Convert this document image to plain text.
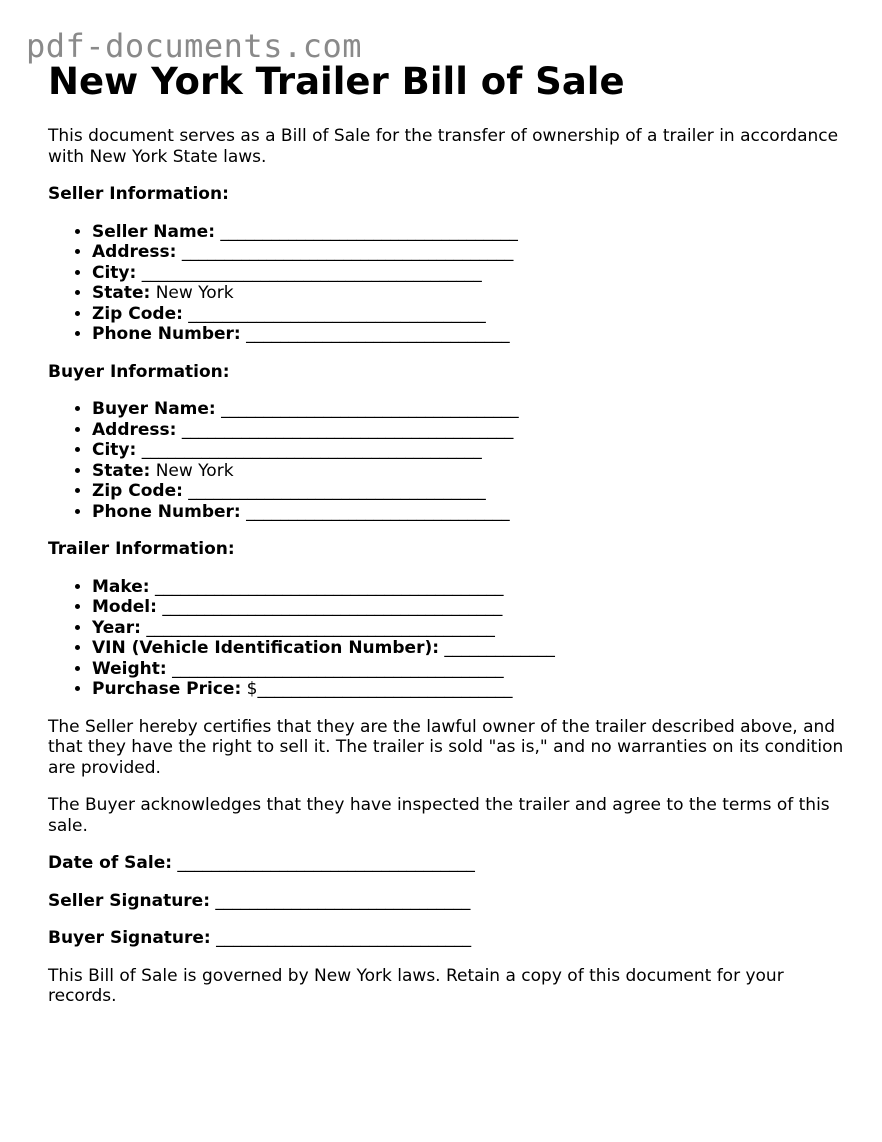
pdf-documents.com
New York Trailer Bill of Sale

This document serves as a Bill of Sale for the transfer of ownership of a trailer in accordance with New York State laws.

Seller Information:

• Seller Name: ___________________________________
• Address: _______________________________________
• City: ________________________________________
• State: New York
• Zip Code: ___________________________________
• Phone Number: _______________________________

Buyer Information:

• Buyer Name: ___________________________________
• Address: _______________________________________
• City: ________________________________________
• State: New York
• Zip Code: ___________________________________
• Phone Number: _______________________________

Trailer Information:

• Make: _________________________________________
• Model: ________________________________________
• Year: _________________________________________
• VIN (Vehicle Identification Number): _____________
• Weight: _______________________________________
• Purchase Price: $______________________________

The Seller hereby certifies that they are the lawful owner of the trailer described above, and that they have the right to sell it. The trailer is sold "as is," and no warranties on its condition are provided.

The Buyer acknowledges that they have inspected the trailer and agree to the terms of this sale.

Date of Sale: ___________________________________

Seller Signature: ______________________________

Buyer Signature: ______________________________

This Bill of Sale is governed by New York laws. Retain a copy of this document for your records.
